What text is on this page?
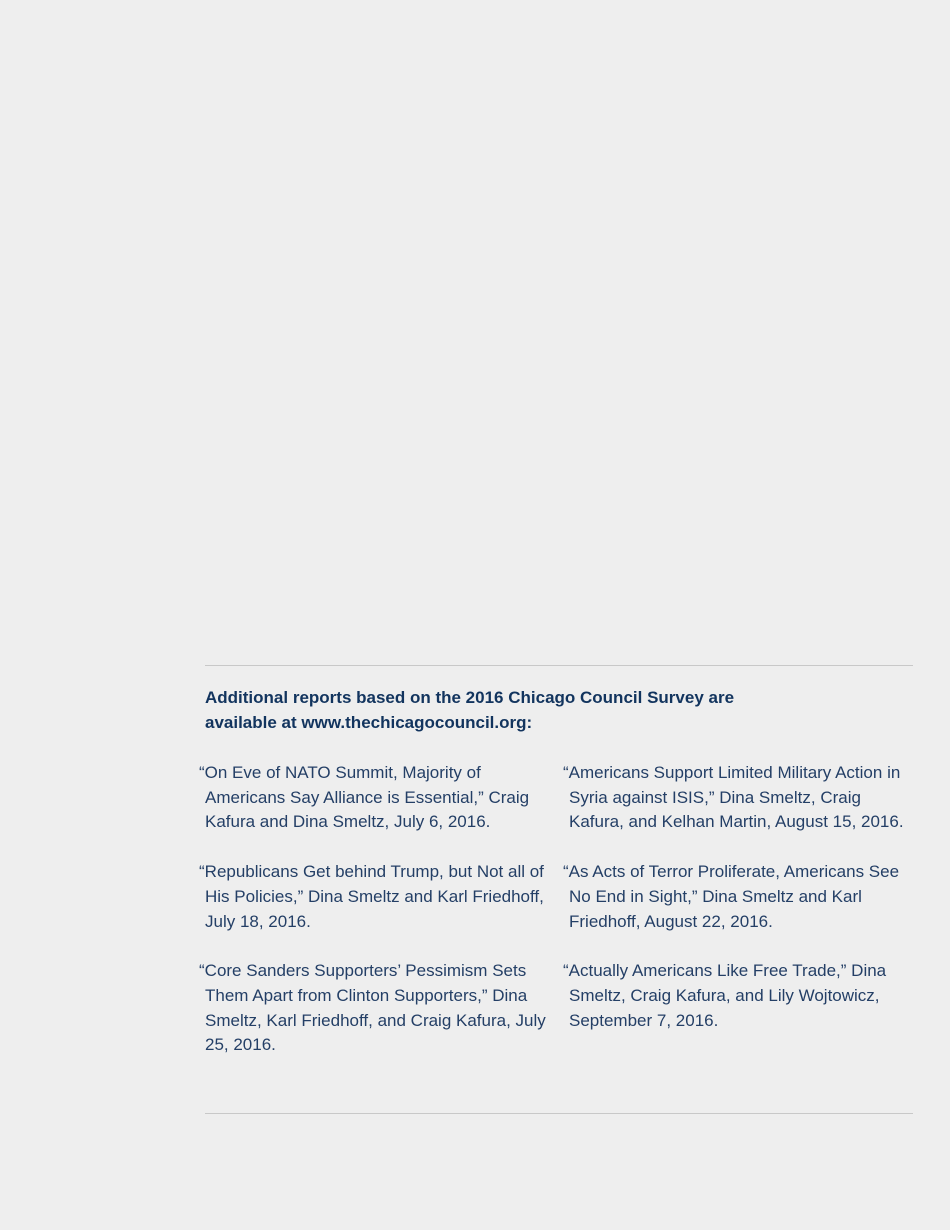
Additional reports based on the 2016 Chicago Council Survey are available at www.thechicagocouncil.org:
“On Eve of NATO Summit, Majority of Americans Say Alliance is Essential,” Craig Kafura and Dina Smeltz, July 6, 2016.
“Republicans Get behind Trump, but Not all of His Policies,” Dina Smeltz and Karl Friedhoff, July 18, 2016.
“Core Sanders Supporters’ Pessimism Sets Them Apart from Clinton Supporters,” Dina Smeltz, Karl Friedhoff, and Craig Kafura, July 25, 2016.
“Americans Support Limited Military Action in Syria against ISIS,” Dina Smeltz, Craig Kafura, and Kelhan Martin, August 15, 2016.
“As Acts of Terror Proliferate, Americans See No End in Sight,” Dina Smeltz and Karl Friedhoff, August 22, 2016.
“Actually Americans Like Free Trade,” Dina Smeltz, Craig Kafura, and Lily Wojtowicz, September 7, 2016.
